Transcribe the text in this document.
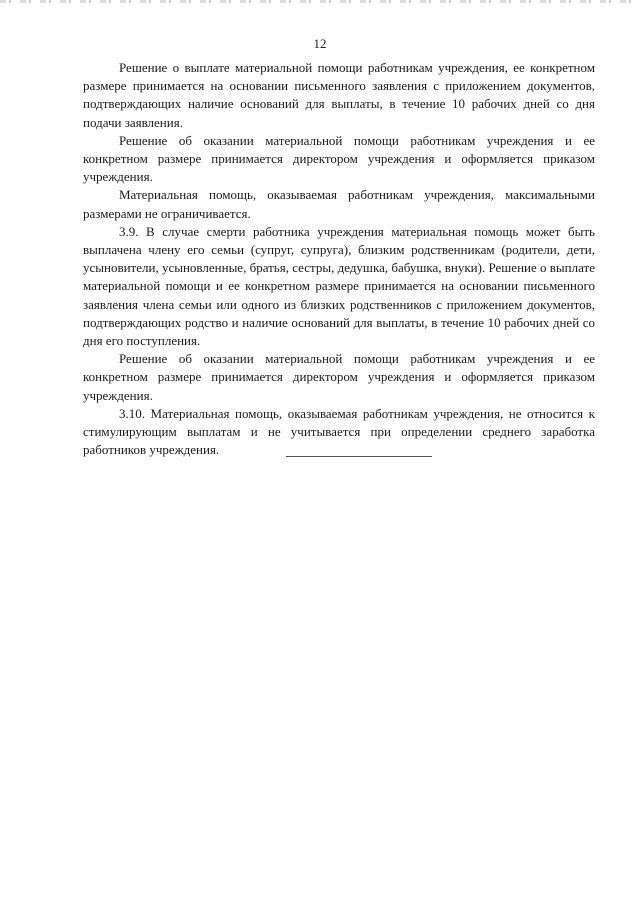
12

Решение о выплате материальной помощи работникам учреждения, ее конкретном размере принимается на основании письменного заявления с приложением документов, подтверждающих наличие оснований для выплаты, в течение 10 рабочих дней со дня подачи заявления.

Решение об оказании материальной помощи работникам учреждения и ее конкретном размере принимается директором учреждения и оформляется приказом учреждения.

Материальная помощь, оказываемая работникам учреждения, максимальными размерами не ограничивается.

3.9. В случае смерти работника учреждения материальная помощь может быть выплачена члену его семьи (супруг, супруга), близким родственникам (родители, дети, усыновители, усыновленные, братья, сестры, дедушка, бабушка, внуки). Решение о выплате материальной помощи и ее конкретном размере принимается на основании письменного заявления члена семьи или одного из близких родственников с приложением документов, подтверждающих родство и наличие оснований для выплаты, в течение 10 рабочих дней со дня его поступления.

Решение об оказании материальной помощи работникам учреждения и ее конкретном размере принимается директором учреждения и оформляется приказом учреждения.

3.10. Материальная помощь, оказываемая работникам учреждения, не относится к стимулирующим выплатам и не учитывается при определении среднего заработка работников учреждения.
